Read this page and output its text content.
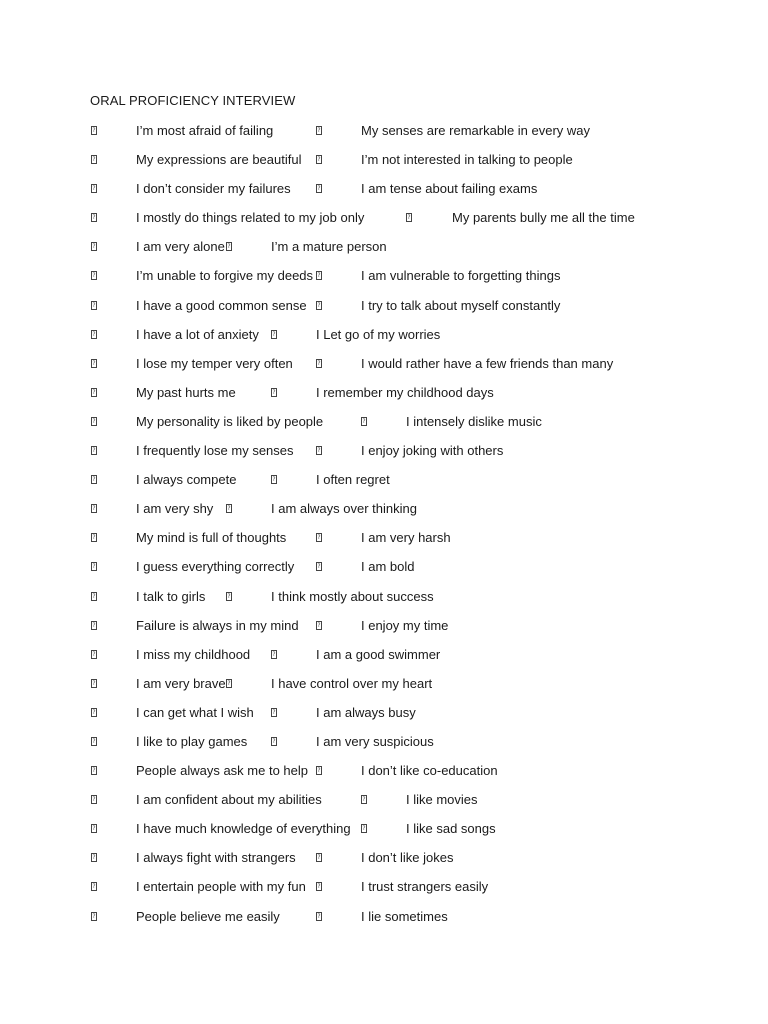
ORAL PROFICIENCY INTERVIEW
?
I’m most afraid of failing ?	My senses are remarkable in every way
?
My expressions are beautiful ?	I’m not interested in talking to people
?
I don’t consider my failures ?	I am tense about failing exams
?
I mostly do things related to my job only ?	My parents bully me all the time
?
I am very alone ?	I’m a mature person
?
I’m unable to forgive my deeds ?	I am vulnerable to forgetting things
?
I have a good common sense ?	I try to talk about myself constantly
?
I have a lot of anxiety ?	I Let go of my worries
?
I lose my temper very often ?	I would rather have a few friends than many
?
My past hurts me ?	I remember my childhood days
?
My personality is liked by people ?	I intensely dislike music
?
I frequently lose my senses ?	I enjoy joking with others
?
I always compete ?	I often regret
?
I am very shy ?	I am always over thinking
?
My mind is full of thoughts ?	I am very harsh
?
I guess everything correctly ?	I am bold
?
I talk to girls ?	I think mostly about success
?
Failure is always in my mind ?	I enjoy my time
?
I miss my childhood ?	I am a good swimmer
?
I am very brave ?	I have control over my heart
?
I can get what I wish ?	I am always busy
?
I like to play games ?	I am very suspicious
?
People always ask me to help ?	I don’t like co-education
?
I am confident about my abilities ?	I like movies
?
I have much knowledge of everything ?	I like sad songs
?
I always fight with strangers ?	I don’t like jokes
?
I entertain people with my fun ?	I trust strangers easily
?
People believe me easily ?	I lie sometimes
